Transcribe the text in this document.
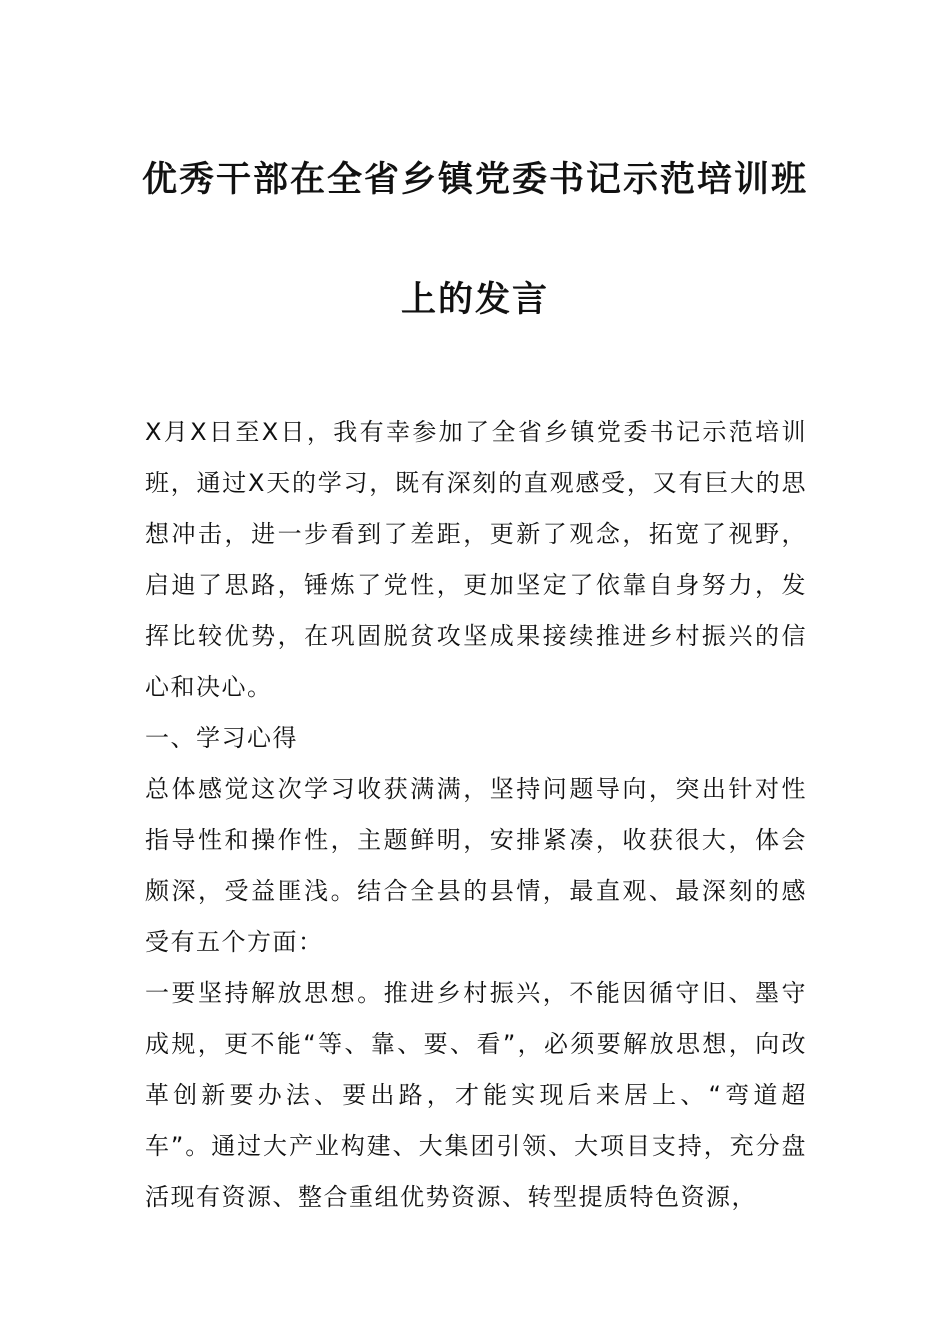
优秀干部在全省乡镇党委书记示范培训班
上的发言

X月X日至X日，我有幸参加了全省乡镇党委书记示范培训班，通过X天的学习，既有深刻的直观感受，又有巨大的思想冲击，进一步看到了差距，更新了观念，拓宽了视野，启迪了思路，锤炼了党性，更加坚定了依靠自身努力，发挥比较优势，在巩固脱贫攻坚成果接续推进乡村振兴的信心和决心。

一、学习心得

总体感觉这次学习收获满满，坚持问题导向，突出针对性指导性和操作性，主题鲜明，安排紧凑，收获很大，体会颇深，受益匪浅。结合全县的县情，最直观、最深刻的感受有五个方面：

一要坚持解放思想。推进乡村振兴，不能因循守旧、墨守成规，更不能“等、靠、要、看”，必须要解放思想，向改革创新要办法、要出路，才能实现后来居上、“弯道超车”。通过大产业构建、大集团引领、大项目支持，充分盘活现有资源、整合重组优势资源、转型提质特色资源，
